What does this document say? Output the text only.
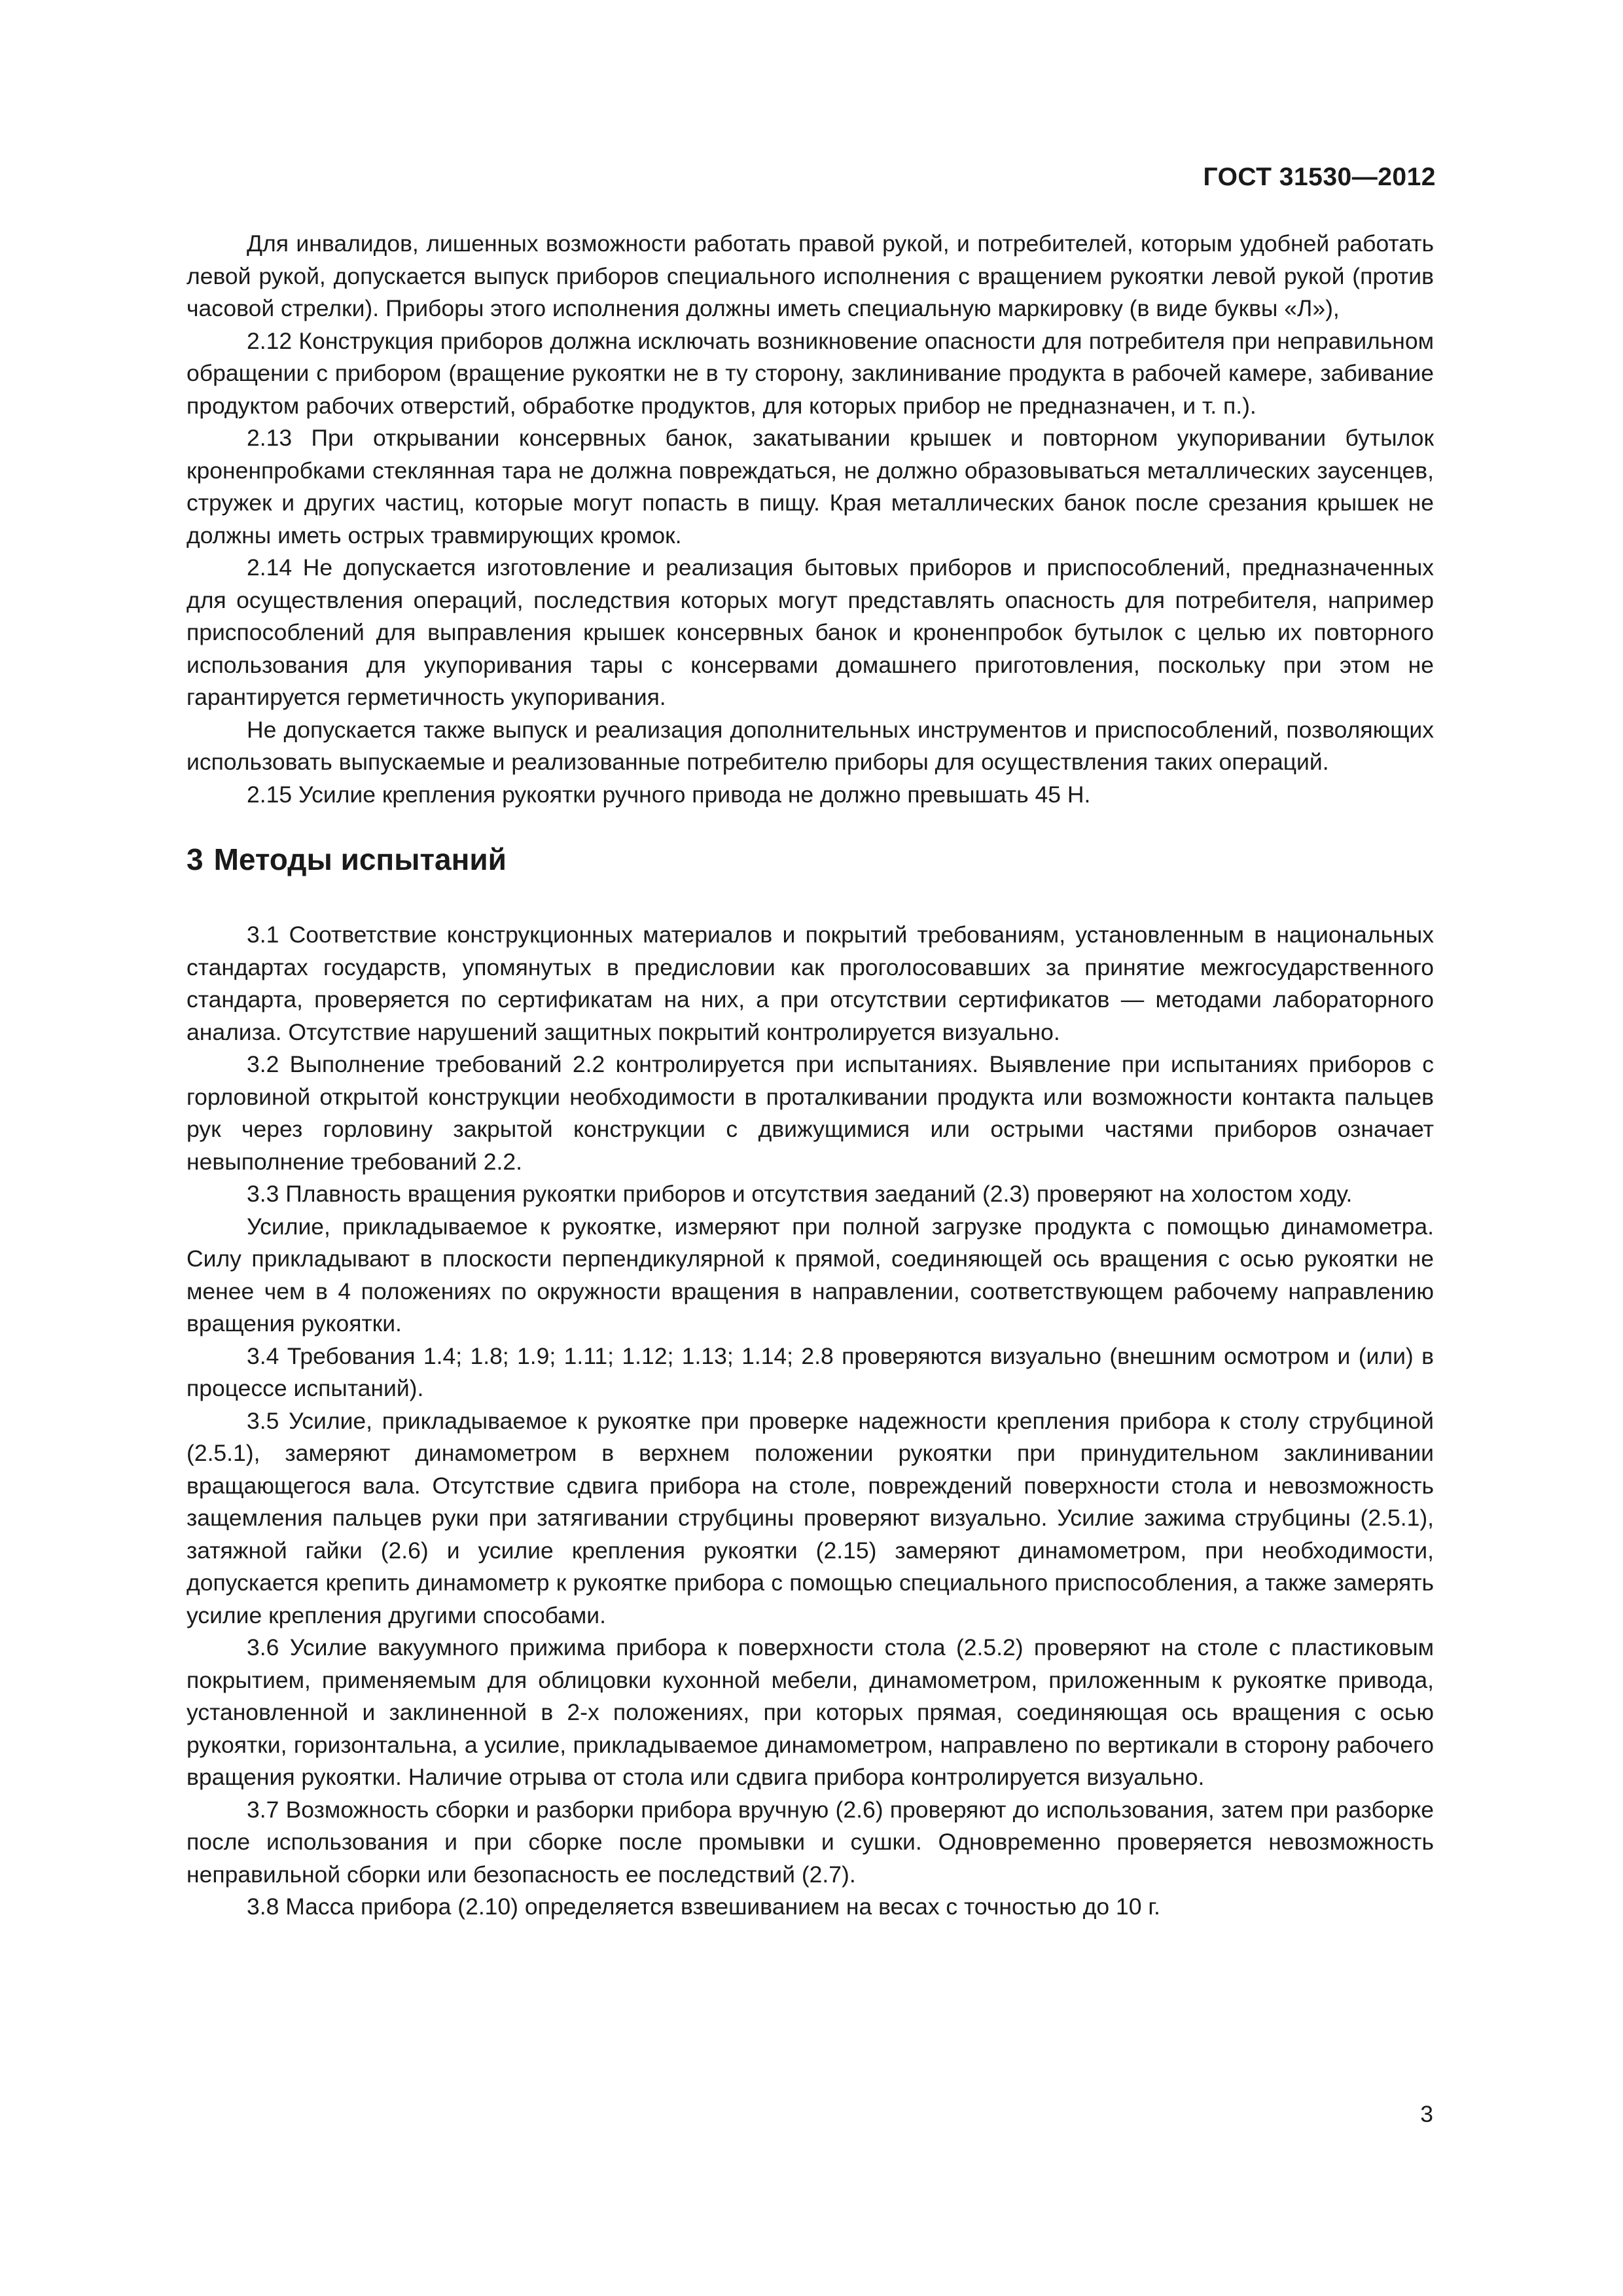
ГОСТ 31530—2012

Для инвалидов, лишенных возможности работать правой рукой, и потребителей, которым удобней работать левой рукой, допускается выпуск приборов специального исполнения с вращением рукоятки левой рукой (против часовой стрелки). Приборы этого исполнения должны иметь специальную маркировку (в виде буквы «Л»),

2.12 Конструкция приборов должна исключать возникновение опасности для потребителя при неправильном обращении с прибором (вращение рукоятки не в ту сторону, заклинивание продукта в рабочей камере, забивание продуктом рабочих отверстий, обработке продуктов, для которых прибор не предназначен, и т. п.).

2.13 При открывании консервных банок, закатывании крышек и повторном укупоривании бутылок кроненпробками стеклянная тара не должна повреждаться, не должно образовываться металлических заусенцев, стружек и других частиц, которые могут попасть в пищу. Края металлических банок после срезания крышек не должны иметь острых травмирующих кромок.

2.14 Не допускается изготовление и реализация бытовых приборов и приспособлений, предназначенных для осуществления операций, последствия которых могут представлять опасность для потребителя, например приспособлений для выправления крышек консервных банок и кроненпробок бутылок с целью их повторного использования для укупоривания тары с консервами домашнего приготовления, поскольку при этом не гарантируется герметичность укупоривания.

Не допускается также выпуск и реализация дополнительных инструментов и приспособлений, позволяющих использовать выпускаемые и реализованные потребителю приборы для осуществления таких операций.

2.15 Усилие крепления рукоятки ручного привода не должно превышать 45 Н.

3 Методы испытаний

3.1 Соответствие конструкционных материалов и покрытий требованиям, установленным в национальных стандартах государств, упомянутых в предисловии как проголосовавших за принятие межгосударственного стандарта, проверяется по сертификатам на них, а при отсутствии сертификатов — методами лабораторного анализа. Отсутствие нарушений защитных покрытий контролируется визуально.

3.2 Выполнение требований 2.2 контролируется при испытаниях. Выявление при испытаниях приборов с горловиной открытой конструкции необходимости в проталкивании продукта или возможности контакта пальцев рук через горловину закрытой конструкции с движущимися или острыми частями приборов означает невыполнение требований 2.2.

3.3 Плавность вращения рукоятки приборов и отсутствия заеданий (2.3) проверяют на холостом ходу.

Усилие, прикладываемое к рукоятке, измеряют при полной загрузке продукта с помощью динамометра. Силу прикладывают в плоскости перпендикулярной к прямой, соединяющей ось вращения с осью рукоятки не менее чем в 4 положениях по окружности вращения в направлении, соответствующем рабочему направлению вращения рукоятки.

3.4 Требования 1.4; 1.8; 1.9; 1.11; 1.12; 1.13; 1.14; 2.8 проверяются визуально (внешним осмотром и (или) в процессе испытаний).

3.5 Усилие, прикладываемое к рукоятке при проверке надежности крепления прибора к столу струбциной (2.5.1), замеряют динамометром в верхнем положении рукоятки при принудительном заклинивании вращающегося вала. Отсутствие сдвига прибора на столе, повреждений поверхности стола и невозможность защемления пальцев руки при затягивании струбцины проверяют визуально. Усилие зажима струбцины (2.5.1), затяжной гайки (2.6) и усилие крепления рукоятки (2.15) замеряют динамометром, при необходимости, допускается крепить динамометр к рукоятке прибора с помощью специального приспособления, а также замерять усилие крепления другими способами.

3.6 Усилие вакуумного прижима прибора к поверхности стола (2.5.2) проверяют на столе с пластиковым покрытием, применяемым для облицовки кухонной мебели, динамометром, приложенным к рукоятке привода, установленной и заклиненной в 2-х положениях, при которых прямая, соединяющая ось вращения с осью рукоятки, горизонтальна, а усилие, прикладываемое динамометром, направлено по вертикали в сторону рабочего вращения рукоятки. Наличие отрыва от стола или сдвига прибора контролируется визуально.

3.7 Возможность сборки и разборки прибора вручную (2.6) проверяют до использования, затем при разборке после использования и при сборке после промывки и сушки. Одновременно проверяется невозможность неправильной сборки или безопасность ее последствий (2.7).

3.8 Масса прибора (2.10) определяется взвешиванием на весах с точностью до 10 г.

3
